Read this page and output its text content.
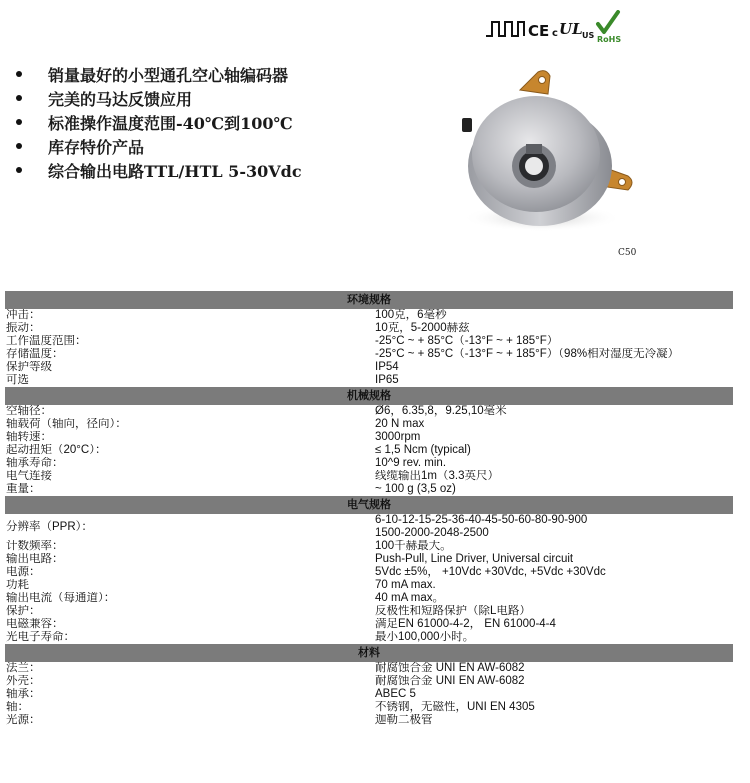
CE c UL US RoHS
销量最好的小型通孔空心轴编码器
完美的马达反馈应用
标准操作温度范围-40℃到100℃
库存特价产品
综合输出电路TTL/HTL 5-30Vdc
C50
环境规格	
冲击：	100克，6毫秒
振动：	10克，5-2000赫兹
工作温度范围：	-25°C ~ + 85°C（-13°F ~ + 185°F）
存储温度：	-25°C ~ + 85°C（-13°F ~ + 185°F）（98%相对湿度无冷凝）
保护等级	IP54
可选	IP65
机械规格	
空轴径：	Ø6，6.35,8，9.25,10毫米
轴载荷（轴向，径向）：	20 N max
轴转速：	3000rpm
起动扭矩（20°C）：	≤ 1,5 Ncm (typical)
轴承寿命：	10^9 rev. min.
电气连接	线缆输出1m（3.3英尺）
重量：	~ 100 g (3,5 oz)
电气规格	
分辨率（PPR）：	6-10-12-15-25-36-40-45-50-60-80-90-900
1500-2000-2048-2500

计数频率：	100千赫最大。
输出电路：	Push-Pull, Line Driver, Universal circuit
电源：	5Vdc ±5%， +10Vdc +30Vdc, +5Vdc +30Vdc
功耗	70 mA max.
输出电流（每通道）：	40 mA max。
保护：	反极性和短路保护（除L电路）
电磁兼容：	满足EN 61000-4-2， EN 61000-4-4
光电子寿命：	最小100,000小时。
材料	
法兰：	耐腐蚀合金 UNI EN AW-6082
外壳：	耐腐蚀合金 UNI EN AW-6082
轴承：	ABEC 5
轴：	不锈钢，无磁性，UNI EN 4305
光源：	迦勒二极管
